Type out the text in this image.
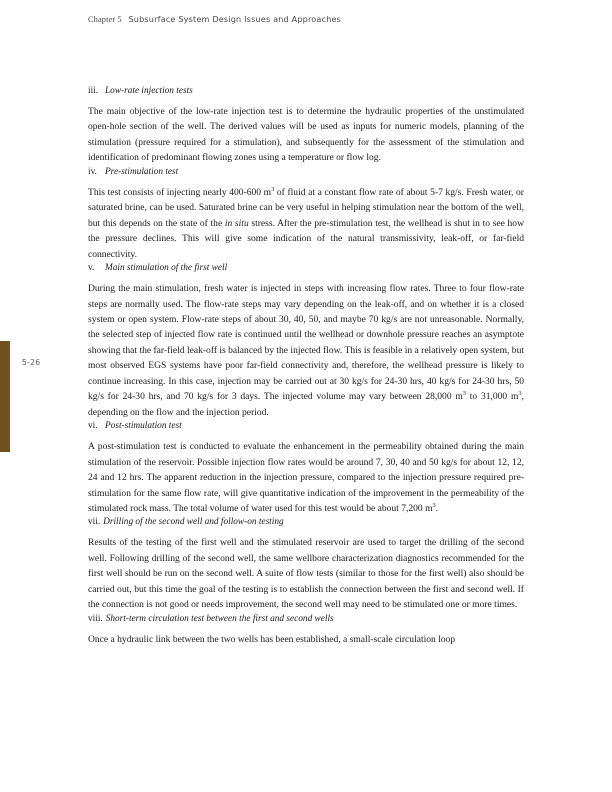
Chapter 5 Subsurface System Design Issues and Approaches
5-26

iii. Low-rate injection tests

The main objective of the low-rate injection test is to determine the hydraulic properties of the unstimulated open-hole section of the well. The derived values will be used as inputs for numeric models, planning of the stimulation (pressure required for a stimulation), and subsequently for the assessment of the stimulation and identification of predominant flowing zones using a temperature or flow log.

iv. Pre-stimulation test

This test consists of injecting nearly 400-600 $m^3$ of fluid at a constant flow rate of about 5-7 kg/s. Fresh water, or saturated brine, can be used. Saturated brine can be very useful in helping stimulation near the bottom of the well, but this depends on the state of the in situ stress. After the pre-stimulation test, the wellhead is shut in to see how the pressure declines. This will give some indication of the natural transmissivity, leak-off, or far-field connectivity.

v. Main stimulation of the first well

During the main stimulation, fresh water is injected in steps with increasing flow rates. Three to four flow-rate steps are normally used. The flow-rate steps may vary depending on the leak-off, and on whether it is a closed system or open system. Flow-rate steps of about 30, 40, 50, and maybe 70 kg/s are not unreasonable. Normally, the selected step of injected flow rate is continued until the wellhead or downhole pressure reaches an asymptote showing that the far-field leak-off is balanced by the injected flow. This is feasible in a relatively open system, but most observed EGS systems have poor far-field connectivity and, therefore, the wellhead pressure is likely to continue increasing. In this case, injection may be carried out at 30 kg/s for 24-30 hrs, 40 kg/s for 24-30 hrs, 50 kg/s for 24-30 hrs, and 70 kg/s for 3 days. The injected volume may vary between 28,000 $m^3$ to 31,000 $m^3$, depending on the flow and the injection period.

vi. Post-stimulation test

A post-stimulation test is conducted to evaluate the enhancement in the permeability obtained during the main stimulation of the reservoir. Possible injection flow rates would be around 7, 30, 40 and 50 kg/s for about 12, 12, 24 and 12 hrs. The apparent reduction in the injection pressure, compared to the injection pressure required pre-stimulation for the same flow rate, will give quantitative indication of the improvement in the permeability of the stimulated rock mass. The total volume of water used for this test would be about 7,200 $m^3$.

vii. Drilling of the second well and follow-on testing

Results of the testing of the first well and the stimulated reservoir are used to target the drilling of the second well. Following drilling of the second well, the same wellbore characterization diagnostics recommended for the first well should be run on the second well. A suite of flow tests (similar to those for the first well) also should be carried out, but this time the goal of the testing is to establish the connection between the first and second well. If the connection is not good or needs improvement, the second well may need to be stimulated one or more times.

viii. Short-term circulation test between the first and second wells

Once a hydraulic link between the two wells has been established, a small-scale circulation loop
